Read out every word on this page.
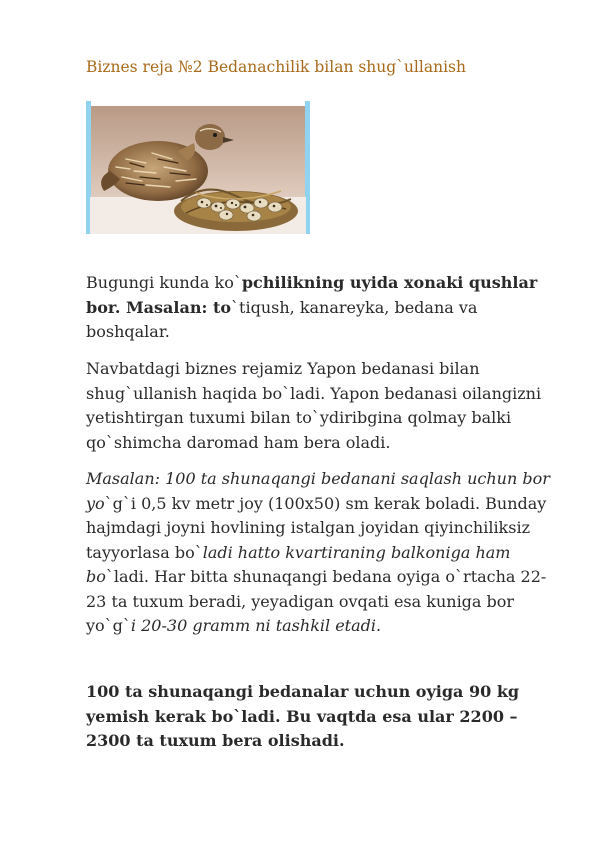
Biznes reja №2 Bedanachilik bilan shug`ullanish

Bugungi kunda ko`pchilikning uyida xonaki qushlar bor. Masalan: to`tiqush, kanareyka, bedana va boshqalar.

Navbatdagi biznes rejamiz Yapon bedanasi bilan shug`ullanish haqida bo`ladi. Yapon bedanasi oilangizni yetishtirgan tuxumi bilan to`ydiribgina qolmay balki qo`shimcha daromad ham bera oladi.

Masalan: 100 ta shunaqangi bedanani saqlash uchun bor yo`g`i 0,5 kv metr joy (100x50) sm kerak boladi. Bunday hajmdagi joyni hovlining istalgan joyidan qiyinchiliksiz tayyorlasa bo`ladi hatto kvartiraning balkoniga ham bo`ladi. Har bitta shunaqangi bedana oyiga o`rtacha 22-23 ta tuxum beradi, yeyadigan ovqati esa kuniga bor yo`g`i 20-30 gramm ni tashkil etadi.

100 ta shunaqangi bedanalar uchun oyiga 90 kg yemish kerak bo`ladi. Bu vaqtda esa ular 2200 – 2300 ta tuxum bera olishadi.
